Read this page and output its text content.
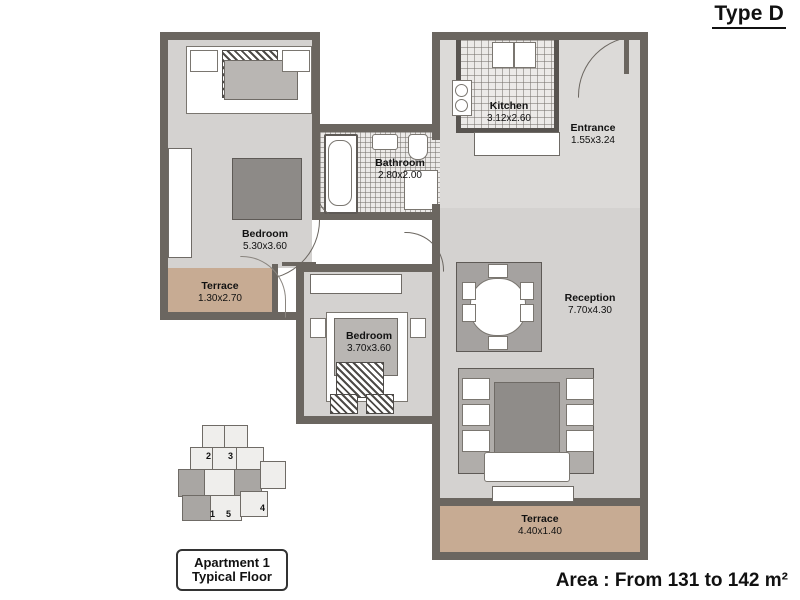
Type D
Bedroom
5.30x3.60
Terrace
1.30x2.70
Bathroom
2.80x2.00
Kitchen
3.12x2.60
Entrance
1.55x3.24
Reception
7.70x4.30
Bedroom
3.70x3.60
Terrace
4.40x1.40
2 3
1 5
4
Apartment 1
Typical Floor	Area : From 131 to 142 m²
